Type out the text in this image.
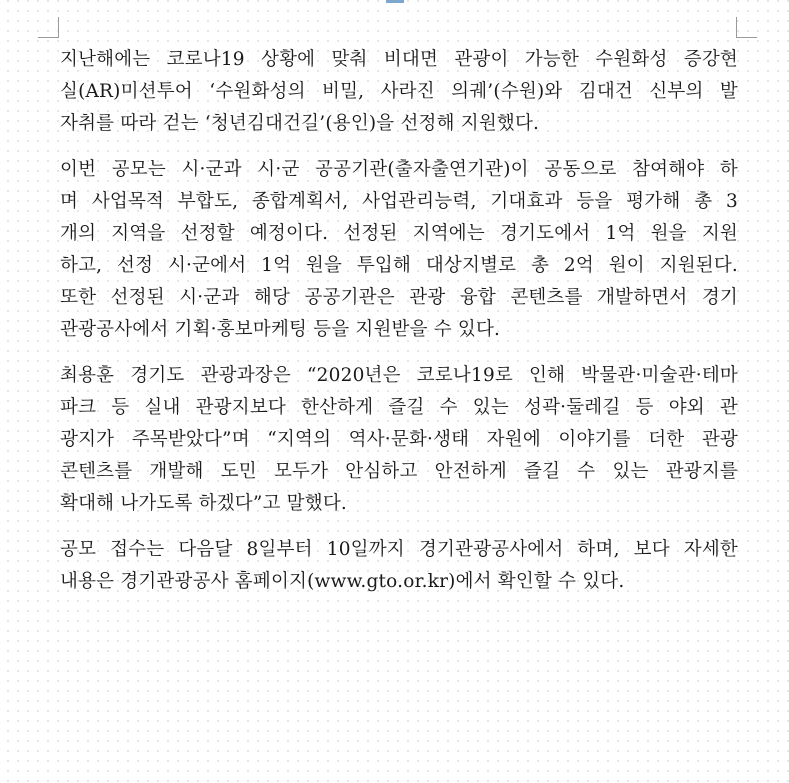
지난해에는 코로나19 상황에 맞춰 비대면 관광이 가능한 수원화성 증강현
실(AR)미션투어 ‘수원화성의 비밀, 사라진 의궤’(수원)와 김대건 신부의 발
자취를 따라 걷는 ‘청년김대건길’(용인)을 선정해 지원했다.

이번 공모는 시·군과 시·군 공공기관(출자출연기관)이 공동으로 참여해야 하
며 사업목적 부합도, 종합계획서, 사업관리능력, 기대효과 등을 평가해 총 3
개의 지역을 선정할 예정이다. 선정된 지역에는 경기도에서 1억 원을 지원
하고, 선정 시·군에서 1억 원을 투입해 대상지별로 총 2억 원이 지원된다.
또한 선정된 시·군과 해당 공공기관은 관광 융합 콘텐츠를 개발하면서 경기
관광공사에서 기획·홍보마케팅 등을 지원받을 수 있다.

최용훈 경기도 관광과장은 “2020년은 코로나19로 인해 박물관·미술관·테마
파크 등 실내 관광지보다 한산하게 즐길 수 있는 성곽·둘레길 등 야외 관
광지가 주목받았다”며 “지역의 역사·문화·생태 자원에 이야기를 더한 관광
콘텐츠를 개발해 도민 모두가 안심하고 안전하게 즐길 수 있는 관광지를
확대해 나가도록 하겠다”고 말했다.

공모 접수는 다음달 8일부터 10일까지 경기관광공사에서 하며, 보다 자세한
내용은 경기관광공사 홈페이지(www.gto.or.kr)에서 확인할 수 있다.
